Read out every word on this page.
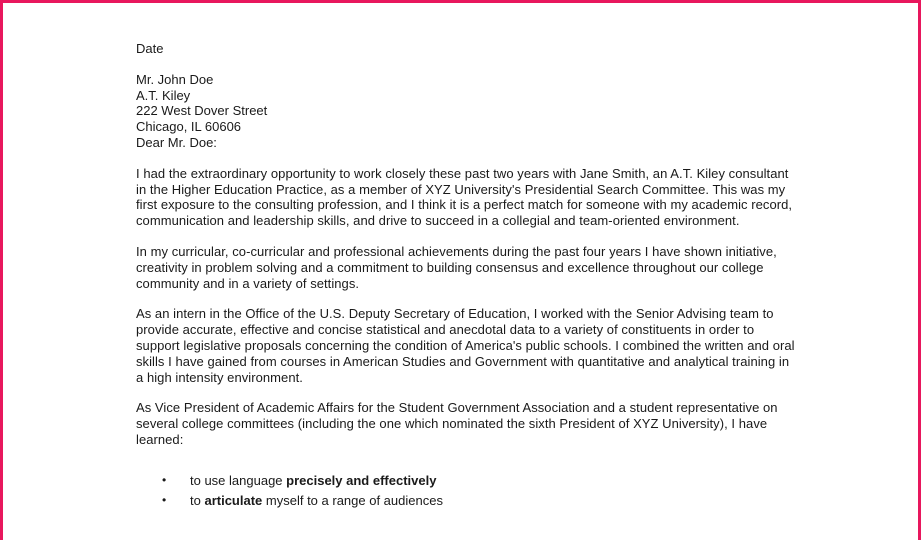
Date
Mr. John Doe
A.T. Kiley
222 West Dover Street
Chicago, IL 60606
Dear Mr. Doe:

I had the extraordinary opportunity to work closely these past two years with Jane Smith, an A.T. Kiley consultant in the Higher Education Practice, as a member of XYZ University's Presidential Search Committee. This was my first exposure to the consulting profession, and I think it is a perfect match for someone with my academic record, communication and leadership skills, and drive to succeed in a collegial and team-oriented environment.

In my curricular, co-curricular and professional achievements during the past four years I have shown initiative, creativity in problem solving and a commitment to building consensus and excellence throughout our college community and in a variety of settings.

As an intern in the Office of the U.S. Deputy Secretary of Education, I worked with the Senior Advising team to provide accurate, effective and concise statistical and anecdotal data to a variety of constituents in order to support legislative proposals concerning the condition of America's public schools. I combined the written and oral skills I have gained from courses in American Studies and Government with quantitative and analytical training in a high intensity environment.

As Vice President of Academic Affairs for the Student Government Association and a student representative on several college committees (including the one which nominated the sixth President of XYZ University), I have learned:

• to use language precisely and effectively
• to articulate myself to a range of audiences
